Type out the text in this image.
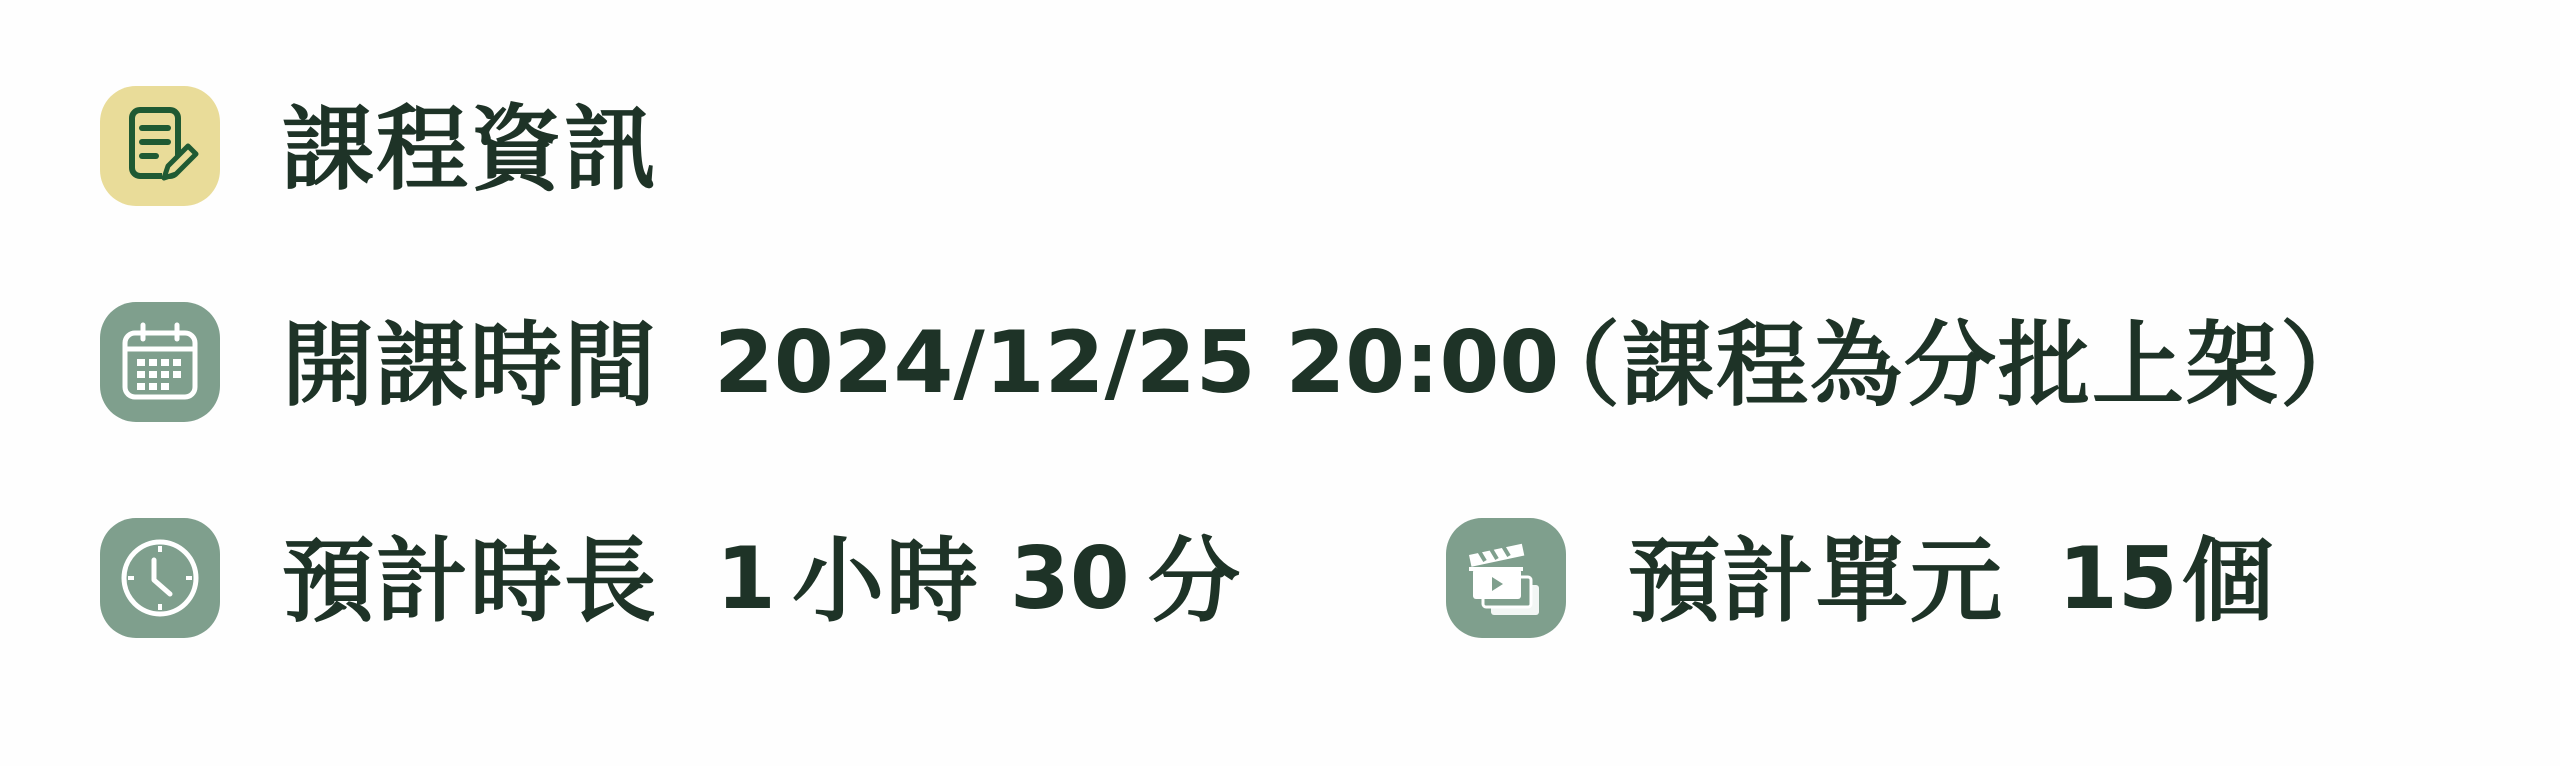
課程資訊
開課時間 2024/12/25 20:00
（課程為分批上架）
預計時長 1 小時 30 分	預計單元 15 個
